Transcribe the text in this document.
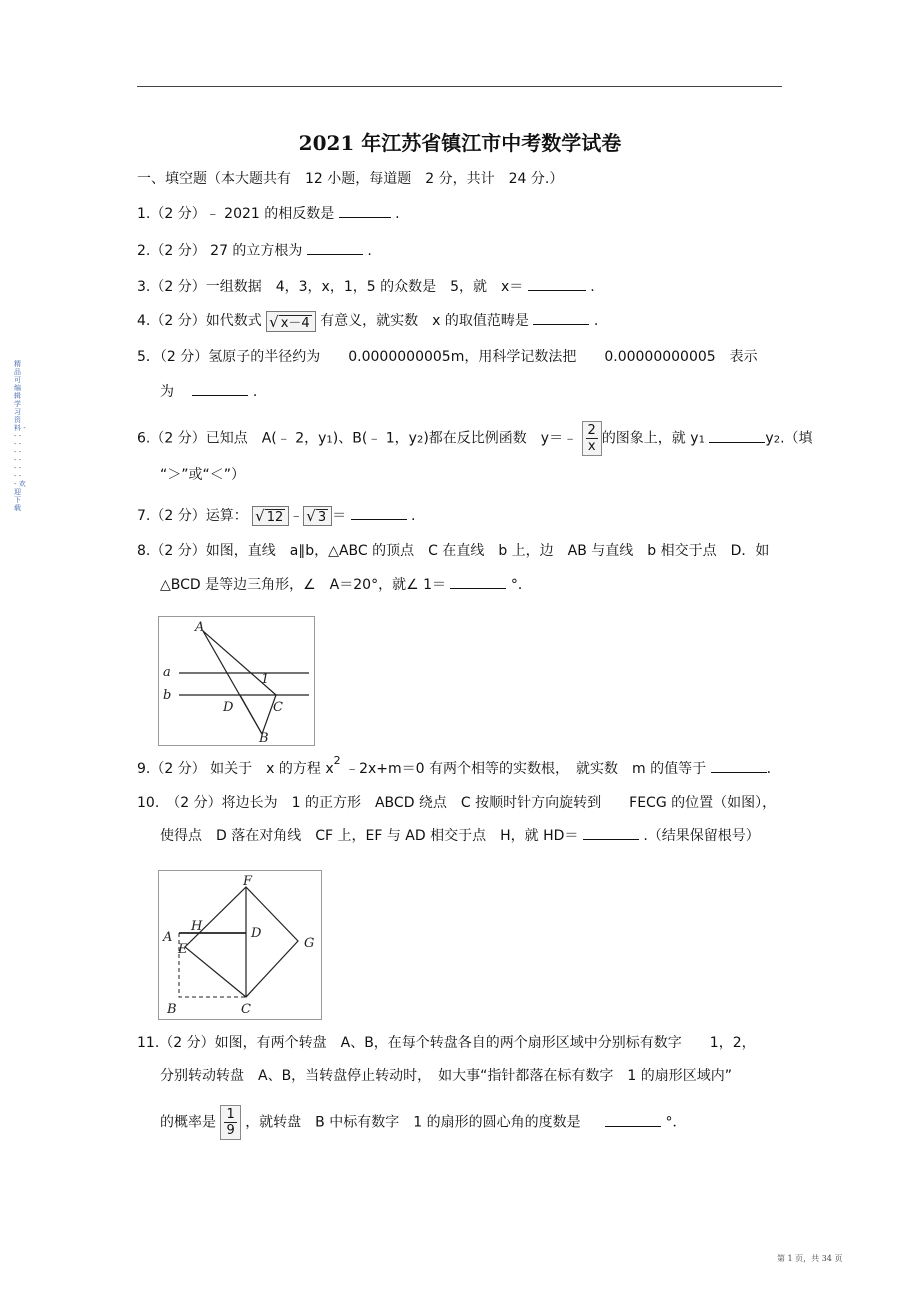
2021 年江苏省镇江市中考数学试卷
一、填空题（本大题共有　12 小题，每道题　2 分，共计　24 分.）
1.（2 分）﹣ 2021 的相反数是	.
2.（2 分） 27 的立方根为	.
3.（2 分）一组数据　4，3，x，1，5 的众数是　5，就　x＝	.
4.（2 分）如代数式 √ x－4 有意义，就实数　x 的取值范畴是	.
5．（2 分）氢原子的半径约为　　0.0000000005m，用科学记数法把　　0.00000000005　表示
为	.
6.（2 分）已知点　A(﹣ 2，y1)、B(﹣ 1，y2)都在反比例函数　y＝﹣ $\frac{2}{x}$ 的图象上，就 y1	y2.（填
“＞”或“＜”）
7.（2 分）运算： √ 12 ﹣ √ 3 ＝	.
8.（2 分）如图，直线　a∥b，△ABC 的顶点　C 在直线　b 上，边　AB 与直线　b 相交于点　D．如
△BCD 是等边三角形，∠　A＝20°，就∠ 1＝	°．
A
a
b
1
D	C
B
9.（2 分） 如关于　x 的方程 $x^2$ ﹣2x+m＝0 有两个相等的实数根，　就实数　m 的值等于	.
10.　（2 分）将边长为　1 的正方形　ABCD 绕点　C 按顺时针方向旋转到　　FECG 的位置（如图），
使得点　D 落在对角线　CF 上，EF 与 AD 相交于点　H，就 HD＝	.（结果保留根号）
F
H	D
A
E	G
B	C
11.（2 分）如图，有两个转盘　A、B，在每个转盘各自的两个扇形区域中分别标有数字　　1，2，
分别转动转盘　A、B，当转盘停止转动时，　如大事“指针都落在标有数字　1 的扇形区域内”
的概率是 $\frac{1}{9}$ ，就转盘　B 中标有数字　1 的扇形的圆心角的度数是	°．
精品可编辑学习资料 - - - - - - - - - - - - - - 欢迎下载
第 1 页，共 34 页
